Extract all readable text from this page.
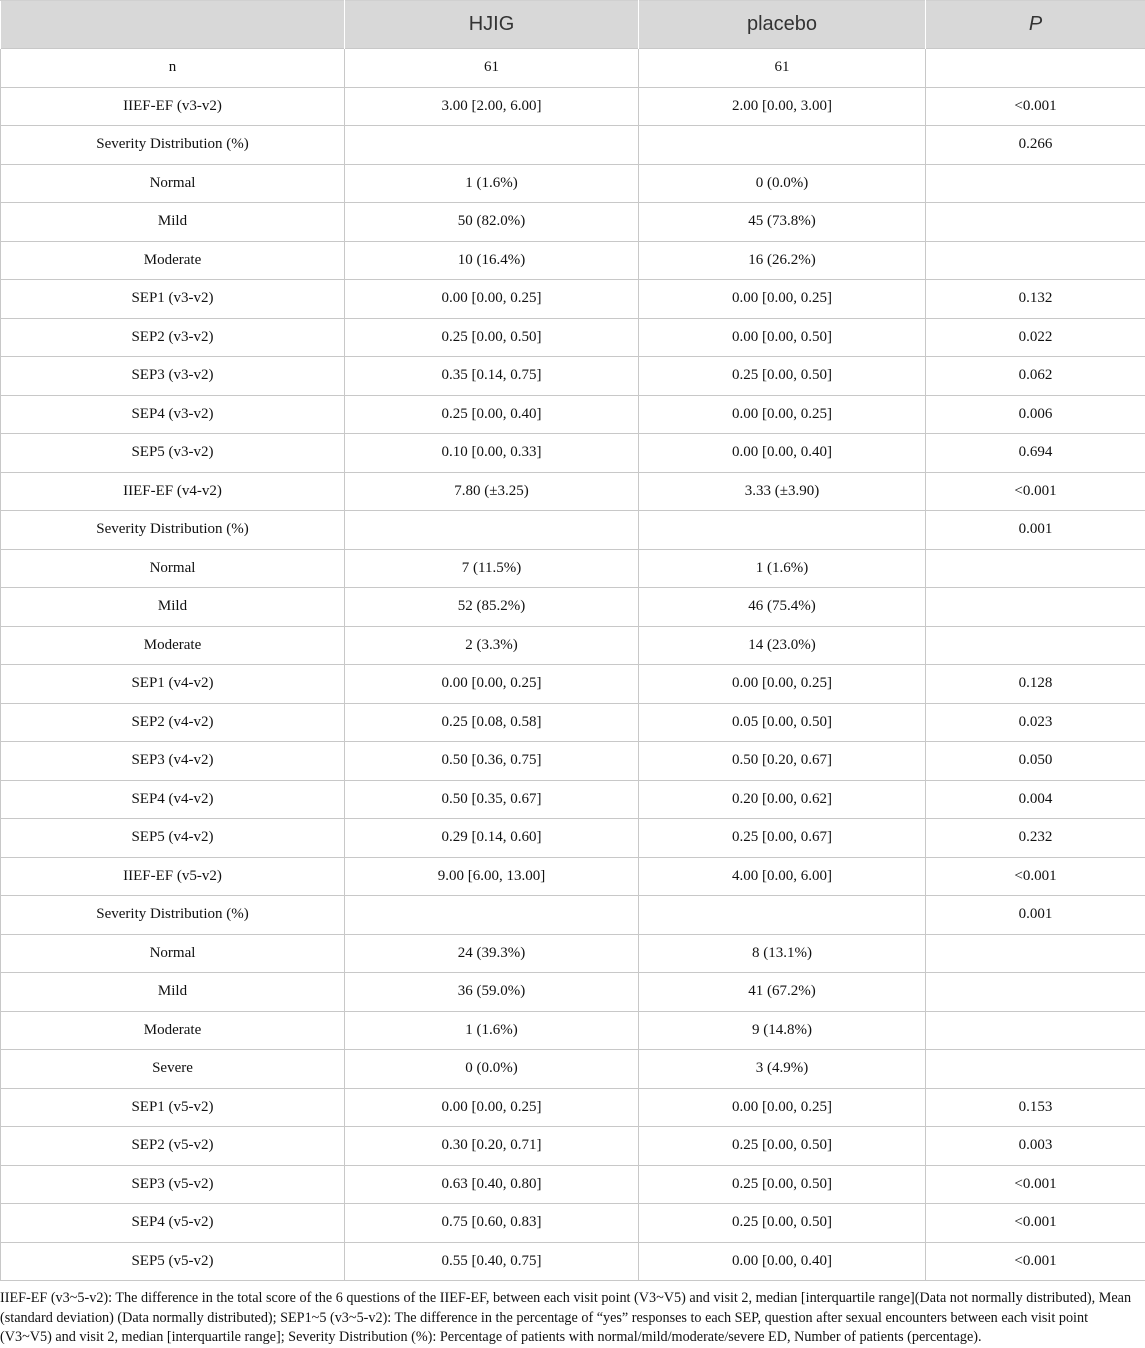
	HJIG	placebo	P
n	61	61	
IIEF-EF (v3-v2)	3.00 [2.00, 6.00]	2.00 [0.00, 3.00]	<0.001
Severity Distribution (%)			0.266
Normal	1 (1.6%)	0 (0.0%)	
Mild	50 (82.0%)	45 (73.8%)	
Moderate	10 (16.4%)	16 (26.2%)	
SEP1 (v3-v2)	0.00 [0.00, 0.25]	0.00 [0.00, 0.25]	0.132
SEP2 (v3-v2)	0.25 [0.00, 0.50]	0.00 [0.00, 0.50]	0.022
SEP3 (v3-v2)	0.35 [0.14, 0.75]	0.25 [0.00, 0.50]	0.062
SEP4 (v3-v2)	0.25 [0.00, 0.40]	0.00 [0.00, 0.25]	0.006
SEP5 (v3-v2)	0.10 [0.00, 0.33]	0.00 [0.00, 0.40]	0.694
IIEF-EF (v4-v2)	7.80 (±3.25)	3.33 (±3.90)	<0.001
Severity Distribution (%)			0.001
Normal	7 (11.5%)	1 (1.6%)	
Mild	52 (85.2%)	46 (75.4%)	
Moderate	2 (3.3%)	14 (23.0%)	
SEP1 (v4-v2)	0.00 [0.00, 0.25]	0.00 [0.00, 0.25]	0.128
SEP2 (v4-v2)	0.25 [0.08, 0.58]	0.05 [0.00, 0.50]	0.023
SEP3 (v4-v2)	0.50 [0.36, 0.75]	0.50 [0.20, 0.67]	0.050
SEP4 (v4-v2)	0.50 [0.35, 0.67]	0.20 [0.00, 0.62]	0.004
SEP5 (v4-v2)	0.29 [0.14, 0.60]	0.25 [0.00, 0.67]	0.232
IIEF-EF (v5-v2)	9.00 [6.00, 13.00]	4.00 [0.00, 6.00]	<0.001
Severity Distribution (%)			0.001
Normal	24 (39.3%)	8 (13.1%)	
Mild	36 (59.0%)	41 (67.2%)	
Moderate	1 (1.6%)	9 (14.8%)	
Severe	0 (0.0%)	3 (4.9%)	
SEP1 (v5-v2)	0.00 [0.00, 0.25]	0.00 [0.00, 0.25]	0.153
SEP2 (v5-v2)	0.30 [0.20, 0.71]	0.25 [0.00, 0.50]	0.003
SEP3 (v5-v2)	0.63 [0.40, 0.80]	0.25 [0.00, 0.50]	<0.001
SEP4 (v5-v2)	0.75 [0.60, 0.83]	0.25 [0.00, 0.50]	<0.001
SEP5 (v5-v2)	0.55 [0.40, 0.75]	0.00 [0.00, 0.40]	<0.001

IIEF-EF (v3~5-v2): The difference in the total score of the 6 questions of the IIEF-EF, between each visit point (V3~V5) and visit 2, median [interquartile range](Data not normally distributed), Mean (standard deviation) (Data normally distributed); SEP1~5 (v3~5-v2): The difference in the percentage of “yes” responses to each SEP, question after sexual encounters between each visit point (V3~V5) and visit 2, median [interquartile range]; Severity Distribution (%): Percentage of patients with normal/mild/moderate/severe ED, Number of patients (percentage).
